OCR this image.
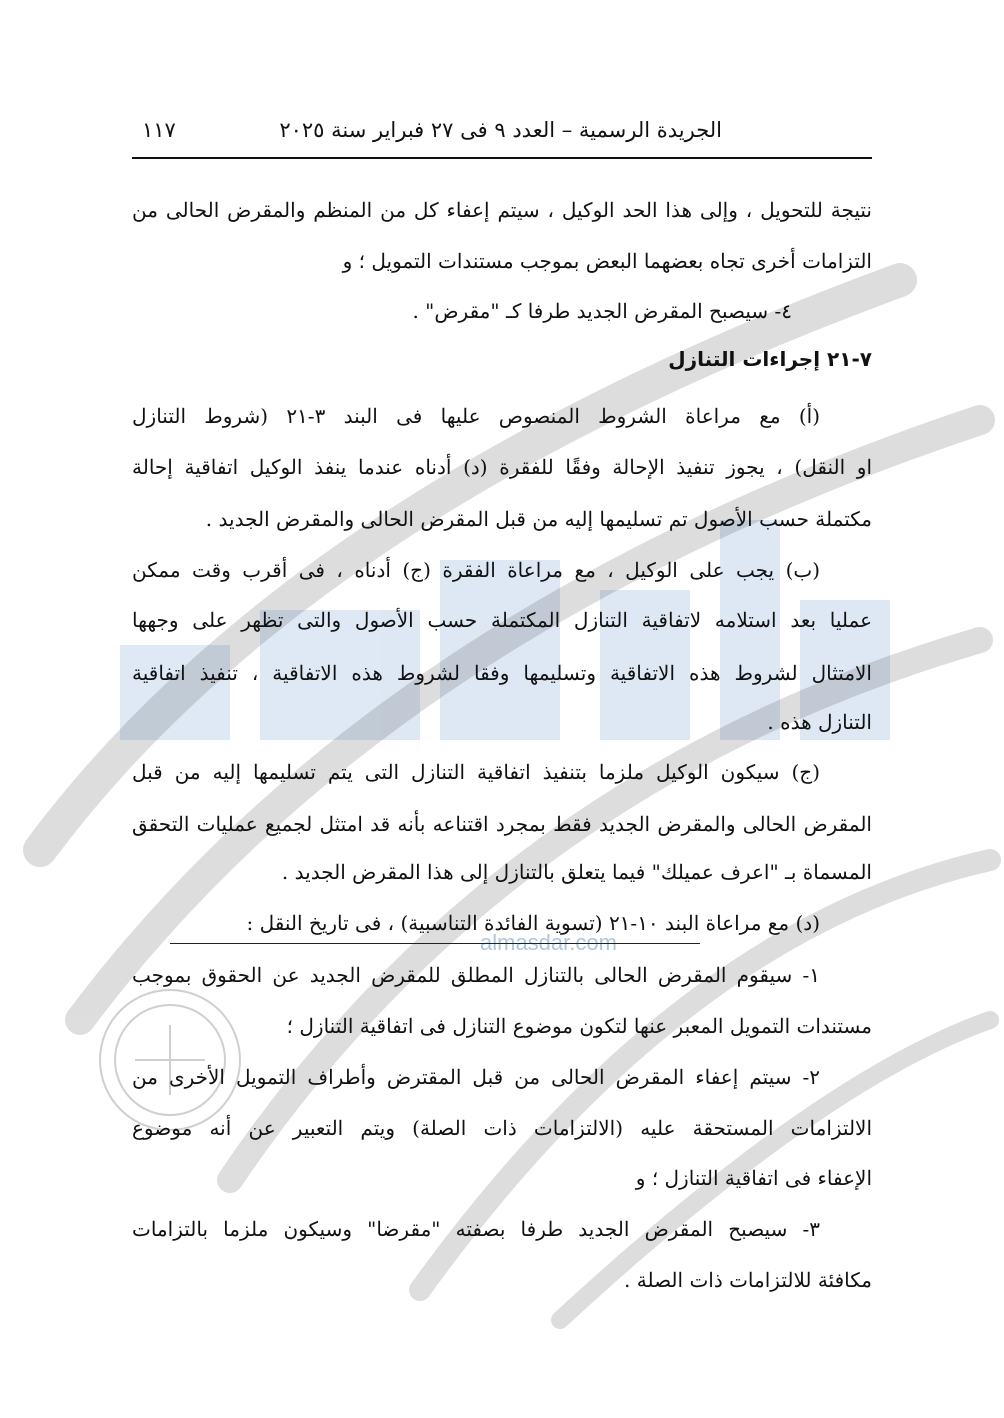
almasdar.com
الجريدة الرسمية – العدد ٩ فى ٢٧ فبراير سنة ٢٠٢٥
١١٧
نتيجة للتحويل ، وإلى هذا الحد الوكيل ، سيتم إعفاء كل من المنظم والمقرض الحالى من
التزامات أخرى تجاه بعضهما البعض بموجب مستندات التمويل ؛ و
٤- سيصبح المقرض الجديد طرفا كـ "مقرض" .
٧-٢١ إجراءات التنازل
(أ) مع مراعاة الشروط المنصوص عليها فى البند ٣-٢١ (شروط التنازل
او النقل) ، يجوز تنفيذ الإحالة وفقًا للفقرة (د) أدناه عندما ينفذ الوكيل اتفاقية إحالة
مكتملة حسب الأصول تم تسليمها إليه من قبل المقرض الحالى والمقرض الجديد .
(ب) يجب على الوكيل ، مع مراعاة الفقرة (ج) أدناه ، فى أقرب وقت ممكن
عمليا بعد استلامه لاتفاقية التنازل المكتملة حسب الأصول والتى تظهر على وجهها
الامتثال لشروط هذه الاتفاقية وتسليمها وفقا لشروط هذه الاتفاقية ، تنفيذ اتفاقية
التنازل هذه .
(ج) سيكون الوكيل ملزما بتنفيذ اتفاقية التنازل التى يتم تسليمها إليه من قبل
المقرض الحالى والمقرض الجديد فقط بمجرد اقتناعه بأنه قد امتثل لجميع عمليات التحقق
المسماة بـ "اعرف عميلك" فيما يتعلق بالتنازل إلى هذا المقرض الجديد .
(د) مع مراعاة البند ١٠-٢١ (تسوية الفائدة التناسبية) ، فى تاريخ النقل :
١- سيقوم المقرض الحالى بالتنازل المطلق للمقرض الجديد عن الحقوق بموجب
مستندات التمويل المعبر عنها لتكون موضوع التنازل فى اتفاقية التنازل ؛
٢- سيتم إعفاء المقرض الحالى من قبل المقترض وأطراف التمويل الأخرى من
الالتزامات المستحقة عليه (الالتزامات ذات الصلة) ويتم التعبير عن أنه موضوع
الإعفاء فى اتفاقية التنازل ؛ و
٣- سيصبح المقرض الجديد طرفا بصفته "مقرضا" وسيكون ملزما بالتزامات
مكافئة للالتزامات ذات الصلة .
